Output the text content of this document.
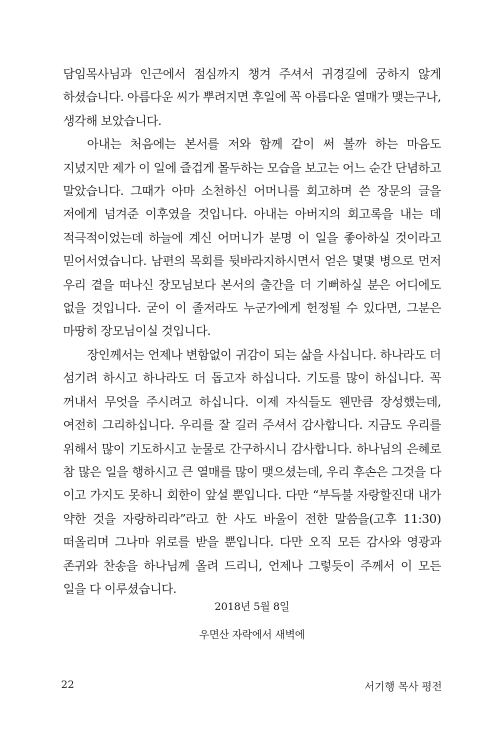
담임목사님과 인근에서 점심까지 챙겨 주셔서 귀경길에 궁하지 않게 하셨습니다. 아름다운 씨가 뿌려지면 후일에 꼭 아름다운 열매가 맺는구나, 생각해 보았습니다.

아내는 처음에는 본서를 저와 함께 같이 써 볼까 하는 마음도 지녔지만 제가 이 일에 즐겁게 몰두하는 모습을 보고는 어느 순간 단념하고 말았습니다. 그때가 아마 소천하신 어머니를 회고하며 쓴 장문의 글을 저에게 넘겨준 이후였을 것입니다. 아내는 아버지의 회고록을 내는 데 적극적이었는데 하늘에 계신 어머니가 분명 이 일을 좋아하실 것이라고 믿어서였습니다. 남편의 목회를 뒷바라지하시면서 얻은 몇몇 병으로 먼저 우리 곁을 떠나신 장모님보다 본서의 출간을 더 기뻐하실 분은 어디에도 없을 것입니다. 굳이 이 졸저라도 누군가에게 헌정될 수 있다면, 그분은 마땅히 장모님이실 것입니다.

장인께서는 언제나 변함없이 귀감이 되는 삶을 사십니다. 하나라도 더 섬기려 하시고 하나라도 더 돕고자 하십니다. 기도를 많이 하십니다. 꼭 꺼내서 무엇을 주시려고 하십니다. 이제 자식들도 웬만큼 장성했는데, 여전히 그리하십니다. 우리를 잘 길러 주셔서 감사합니다. 지금도 우리를 위해서 많이 기도하시고 눈물로 간구하시니 감사합니다. 하나님의 은혜로 참 많은 일을 행하시고 큰 열매를 많이 맺으셨는데, 우리 후손은 그것을 다 이고 가지도 못하니 회한이 앞설 뿐입니다. 다만 “부득불 자랑할진대 내가 약한 것을 자랑하리라”라고 한 사도 바울이 전한 말씀을(고후 11:30) 떠올리며 그나마 위로를 받을 뿐입니다. 다만 오직 모든 감사와 영광과 존귀와 찬송을 하나님께 올려 드리니, 언제나 그렇듯이 주께서 이 모든 일을 다 이루셨습니다.

2018년 5월 8일
우면산 자락에서 새벽에
22	서기행 목사 평전
